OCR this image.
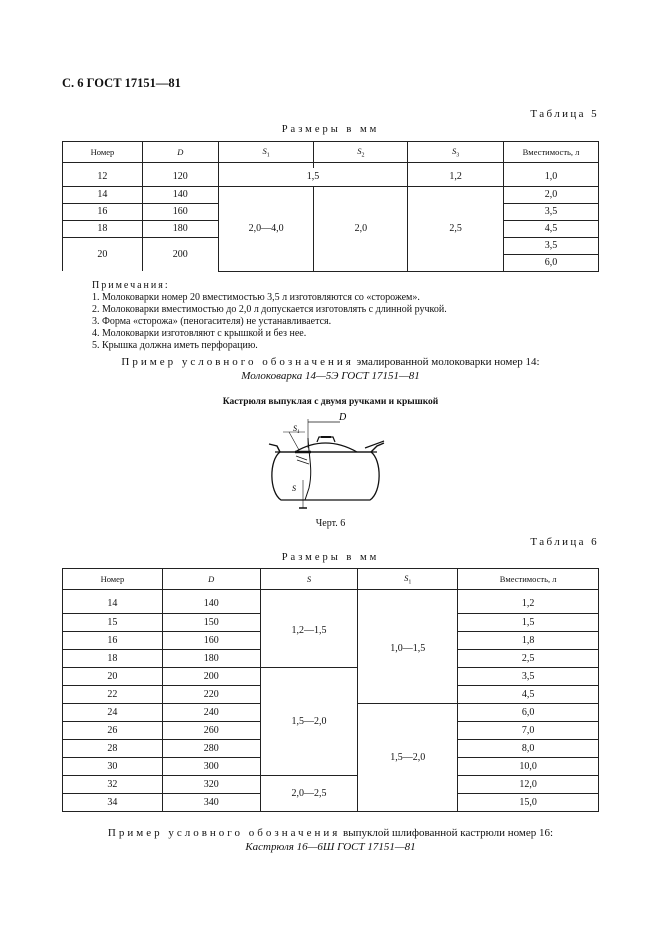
С. 6 ГОСТ 17151—81
Таблица 5
Размеры в мм
Номер	D	$S_1$	$S_2$	$S_3$	Вместимость, л

12	120	1,5		1,2	1,0
14	140	2,0—4,0	2,0	2,5	2,0
16	160				3,5
18	180				4,5
20	200				3,5
					6,0
Примечания:
1. Молоковарки номер 20 вместимостью 3,5 л изготовляются со «сторожем».
2. Молоковарки вместимостью до 2,0 л допускается изготовлять с длинной ручкой.
3. Форма «сторожа» (пеногасителя) не устанавливается.
4. Молоковарки изготовляют с крышкой и без нее.
5. Крышка должна иметь перфорацию.
Пример условного обозначения эмалированной молоковарки номер 14:
Молоковарка 14—5Э ГОСТ 17151—81
Кастрюля выпуклая с двумя ручками и крышкой
D
$S_1$
S
Черт. 6
Таблица 6
Размеры в мм
Номер	D	S	$S_1$	Вместимость, л

14	140	1,2—1,5	1,0—1,5	1,2
15	150			1,5
16	160			1,8
18	180			2,5
20	200	1,5—2,0		3,5
22	220			4,5
24	240		1,5—2,0	6,0
26	260			7,0
28	280			8,0
30	300			10,0
32	320	2,0—2,5		12,0
34	340			15,0
Пример условного обозначения выпуклой шлифованной кастрюли номер 16:
Кастрюля 16—6Ш ГОСТ 17151—81
